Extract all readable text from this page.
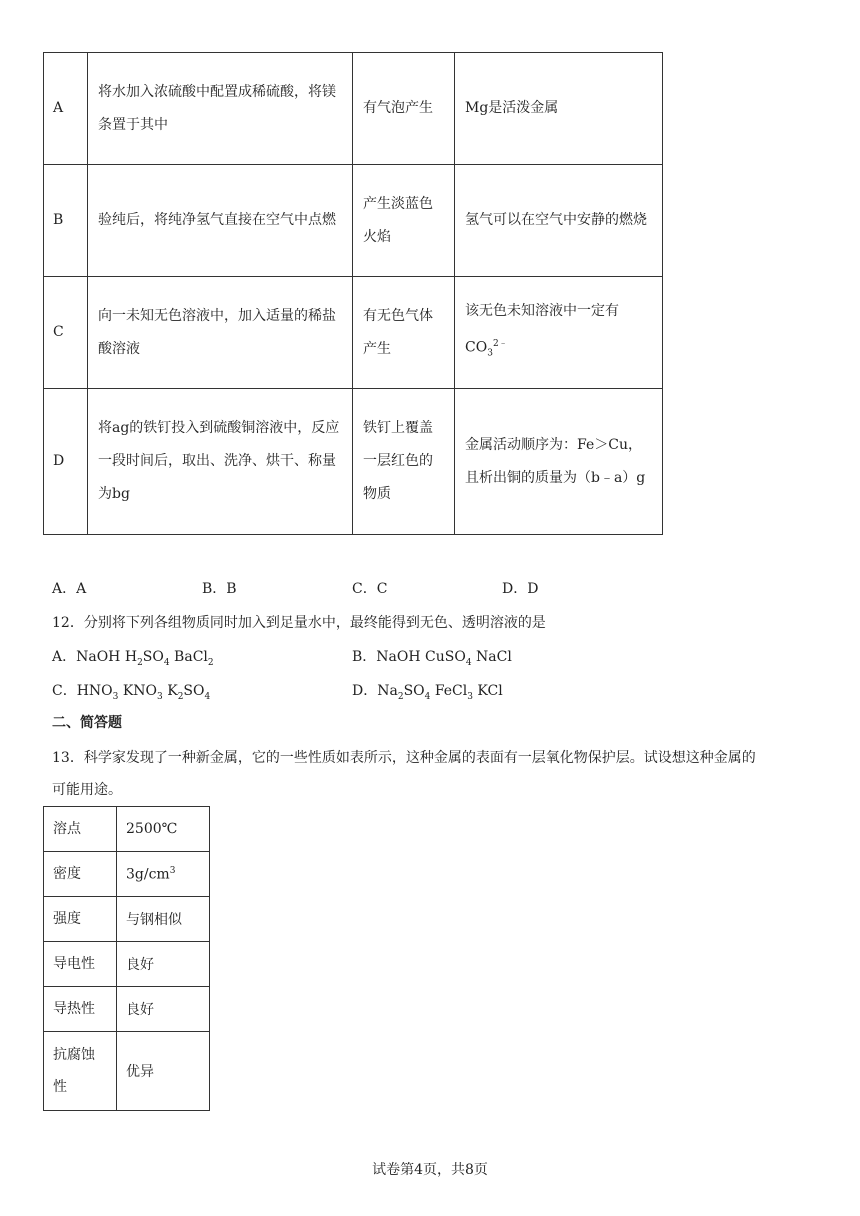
A	将水加入浓硫酸中配置成稀硫酸，将镁条置于其中	有气泡产生	Mg是活泼金属
B	验纯后，将纯净氢气直接在空气中点燃	产生淡蓝色火焰	氢气可以在空气中安静的燃烧
C	向一未知无色溶液中，加入适量的稀盐酸溶液	有无色气体产生	该无色未知溶液中一定有$CO_3^{2﹣}$
D	将ag的铁钉投入到硫酸铜溶液中，反应一段时间后，取出、洗净、烘干、称量为bg	铁钉上覆盖一层红色的物质	金属活动顺序为：Fe＞Cu，且析出铜的质量为（b﹣a）g
A．A	B．B	C．C	D．D
12．分别将下列各组物质同时加入到足量水中，最终能得到无色、透明溶液的是
A．NaOH $H_2SO_4$ BaCl$_2$	B．NaOH CuSO$_4$ NaCl
C．$HNO_3$ $KNO_3$ $K_2SO_4$	D．$Na_2SO_4$ FeCl$_3$ KCl
二、简答题
13．科学家发现了一种新金属，它的一些性质如表所示，这种金属的表面有一层氧化物保护层。试设想这种金属的
可能用途。
溶点	2500℃
密度	$3g/cm^3$
强度	与钢相似
导电性	良好
导热性	良好
抗腐蚀性	优异
试卷第4页，共8页
